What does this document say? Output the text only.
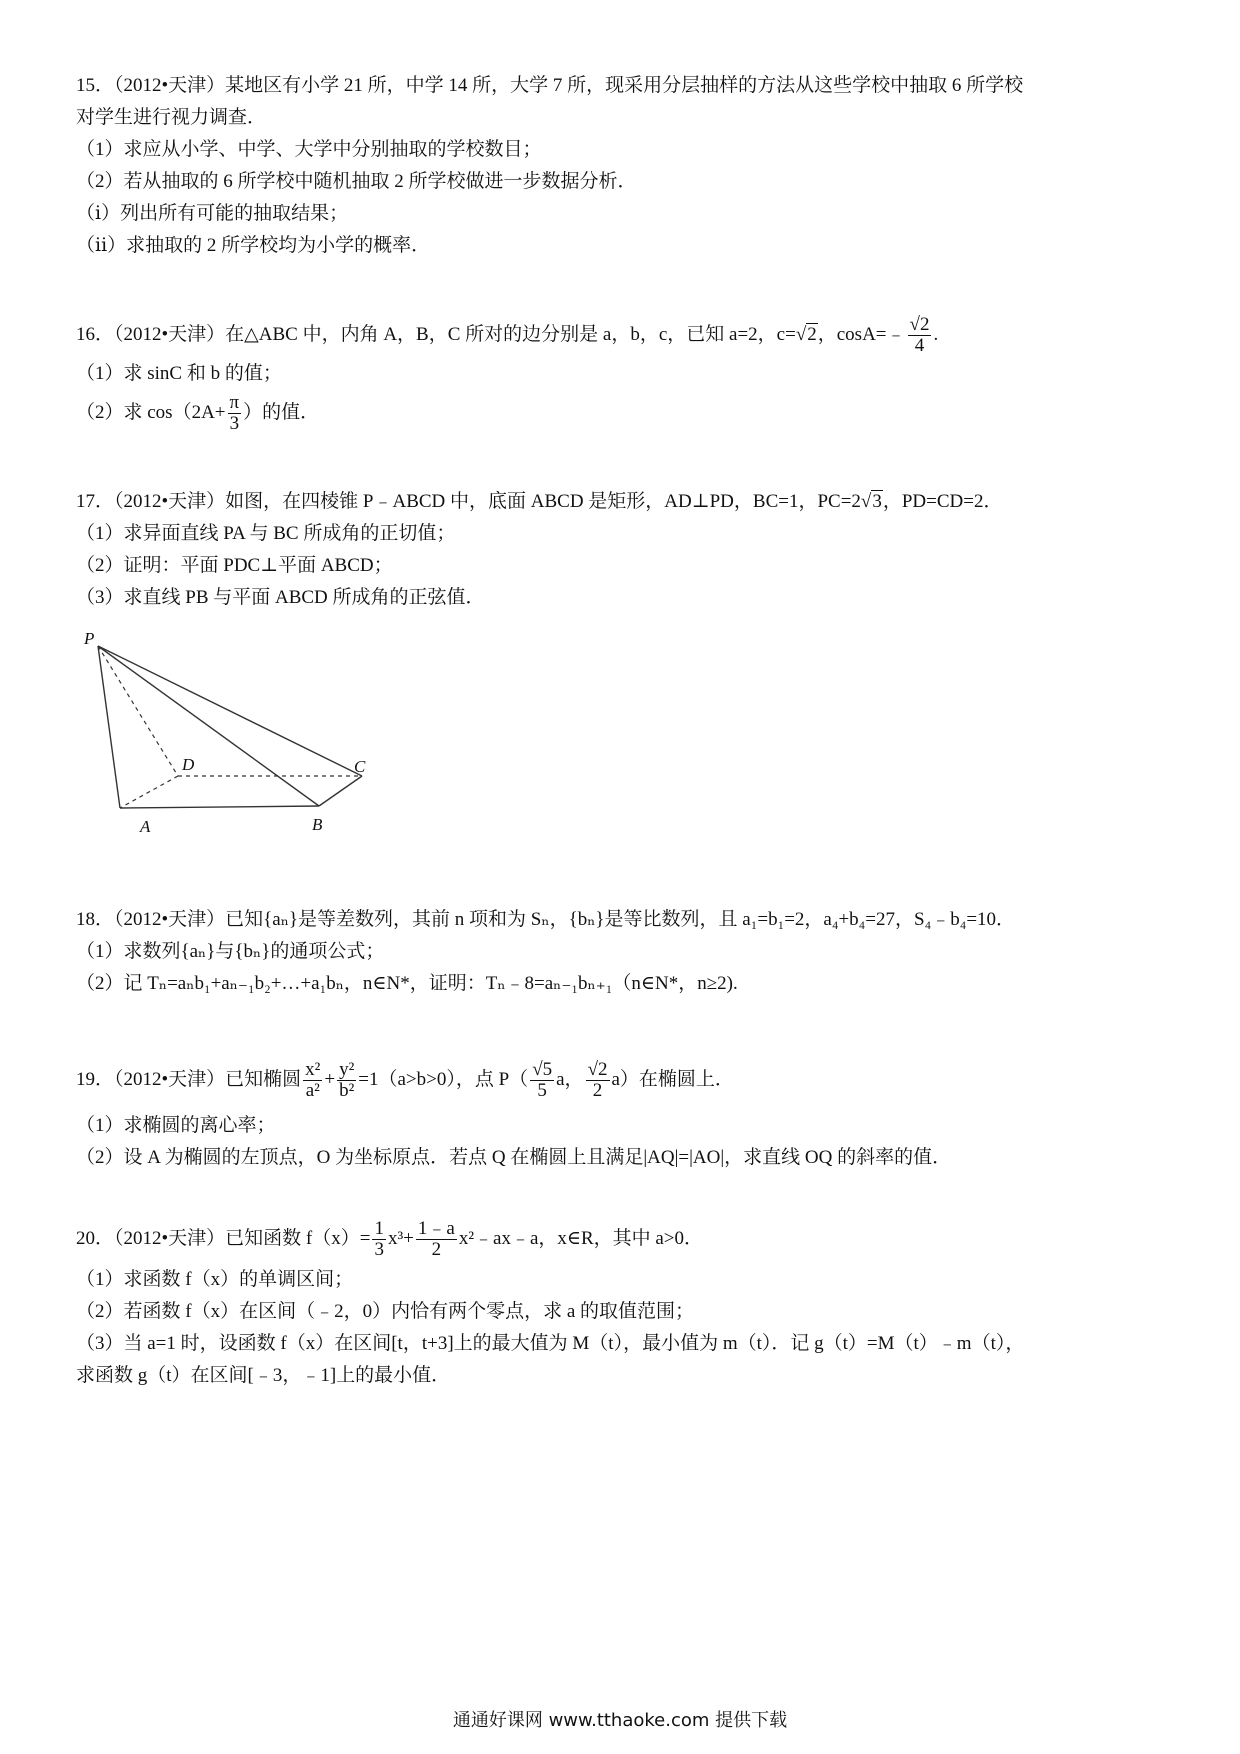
15．（2012•天津）某地区有小学 21 所，中学 14 所，大学 7 所，现采用分层抽样的方法从这些学校中抽取 6 所学校
对学生进行视力调查．
（1）求应从小学、中学、大学中分别抽取的学校数目；
（2）若从抽取的 6 所学校中随机抽取 2 所学校做进一步数据分析．
（ⅰ）列出所有可能的抽取结果；
（ⅱ）求抽取的 2 所学校均为小学的概率．
16．（2012•天津）在△ABC 中，内角 A，B，C 所对的边分别是 a，b，c，已知 a=2，c=√2，cosA=﹣ $\frac{√2}{4}$ .
（1）求 sinC 和 b 的值；
（2）求 $\cos(2A+ \frac{\pi}{3}$ ）的值．
17．（2012•天津）如图，在四棱锥 P﹣ABCD 中，底面 ABCD 是矩形，AD⊥PD，BC=1，PC=2√3，PD=CD=2．
（1）求异面直线 PA 与 BC 所成角的正切值；
（2）证明：平面 PDC⊥平面 ABCD；
（3）求直线 PB 与平面 ABCD 所成角的正弦值．
P
A	B
C
D
18．（2012•天津）已知{aₙ}是等差数列，其前 n 项和为 Sₙ，{bₙ}是等比数列，且 a₁=b₁=2，a₄+b₄=27，S₄﹣b₄=10．
（1）求数列{aₙ}与{bₙ}的通项公式；
（2）记 Tₙ=aₙb₁+aₙ₋₁b₂+…+a₁bₙ，n∈N*，证明：Tₙ﹣8=aₙ₋₁bₙ₊₁（n∈N*，n≥2).
19．（2012•天津）已知椭圆 $\frac{\text{x²}}{\text{a²}} + \frac{\text{y²}}{\text{b²}} =1(a>b>0)$，点 $P( \frac{√5}{5}$ a， $\frac{√2}{2} a$）在椭圆上．
（1）求椭圆的离心率；
（2）设 A 为椭圆的左顶点，O 为坐标原点．若点 Q 在椭圆上且满足|AQ|=|AO|，求直线 OQ 的斜率的值．
20．（2012•天津）已知函数 $f(x)= \frac{1}{3} x^3+ \frac{1﹣a}{2}$ x²﹣ax﹣a，x∈R，其中 a>0．
（1）求函数 f（x）的单调区间；
（2）若函数 f（x）在区间（﹣2，0）内恰有两个零点，求 a 的取值范围；
（3）当 a=1 时，设函数 f（x）在区间[t，t+3]上的最大值为 M（t），最小值为 m（t）．记 g（t）=M（t）﹣m（t），
求函数 g（t）在区间[﹣3，﹣1]上的最小值．
通通好课网 www.tthaoke.com 提供下载
